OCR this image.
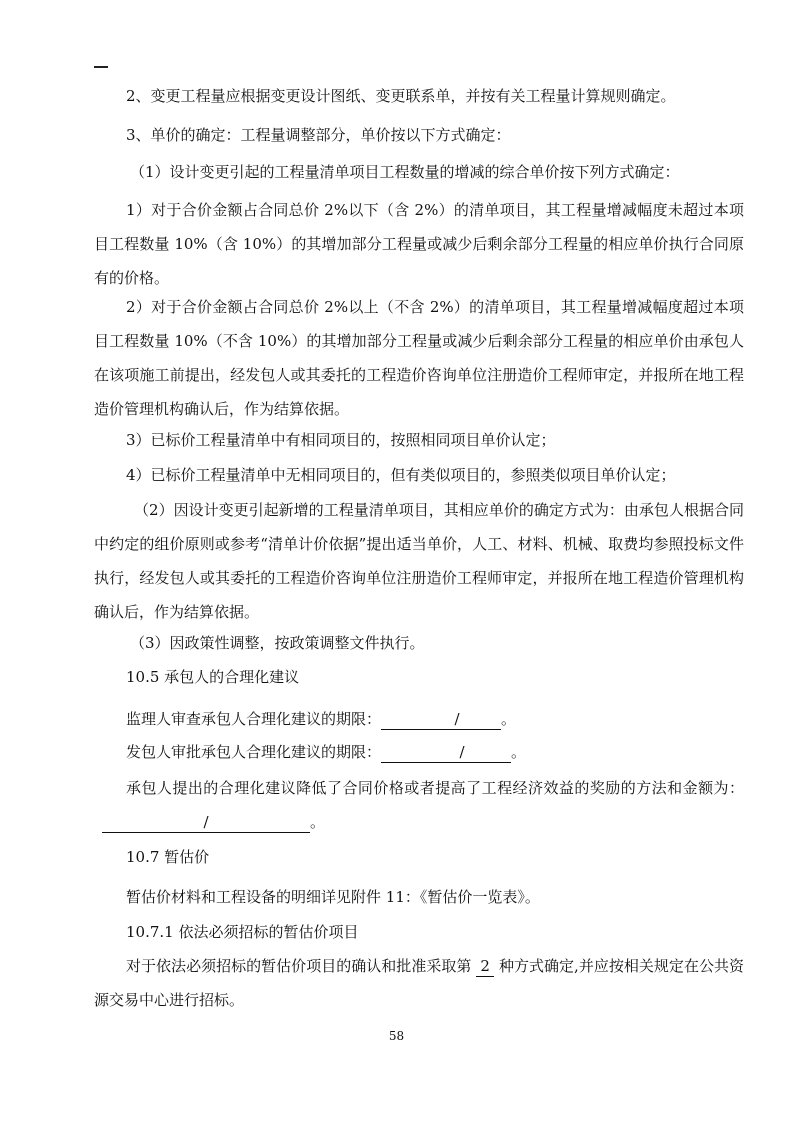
2、变更工程量应根据变更设计图纸、变更联系单，并按有关工程量计算规则确定。

3、单价的确定：工程量调整部分，单价按以下方式确定：

（1）设计变更引起的工程量清单项目工程数量的增减的综合单价按下列方式确定：

1）对于合价金额占合同总价 2%以下（含 2%）的清单项目，其工程量增减幅度未超过本项目工程数量 10%（含 10%）的其增加部分工程量或减少后剩余部分工程量的相应单价执行合同原有的价格。

2）对于合价金额占合同总价 2%以上（不含 2%）的清单项目，其工程量增减幅度超过本项目工程数量 10%（不含 10%）的其增加部分工程量或减少后剩余部分工程量的相应单价由承包人在该项施工前提出，经发包人或其委托的工程造价咨询单位注册造价工程师审定，并报所在地工程造价管理机构确认后，作为结算依据。

3）已标价工程量清单中有相同项目的，按照相同项目单价认定；

4）已标价工程量清单中无相同项目的，但有类似项目的，参照类似项目单价认定；

（2）因设计变更引起新增的工程量清单项目，其相应单价的确定方式为：由承包人根据合同中约定的组价原则或参考“清单计价依据”提出适当单价，人工、材料、机械、取费均参照投标文件执行，经发包人或其委托的工程造价咨询单位注册造价工程师审定，并报所在地工程造价管理机构确认后，作为结算依据。

（3）因政策性调整，按政策调整文件执行。

10.5 承包人的合理化建议

监理人审查承包人合理化建议的期限：	/	。

发包人审批承包人合理化建议的期限：	/	。

承包人提出的合理化建议降低了合同价格或者提高了工程经济效益的奖励的方法和金额为：/	。

10.7 暂估价

暂估价材料和工程设备的明细详见附件 11：《暂估价一览表》。

10.7.1 依法必须招标的暂估价项目

对于依法必须招标的暂估价项目的确认和批准采取第 2 种方式确定,并应按相关规定在公共资源交易中心进行招标。

58
